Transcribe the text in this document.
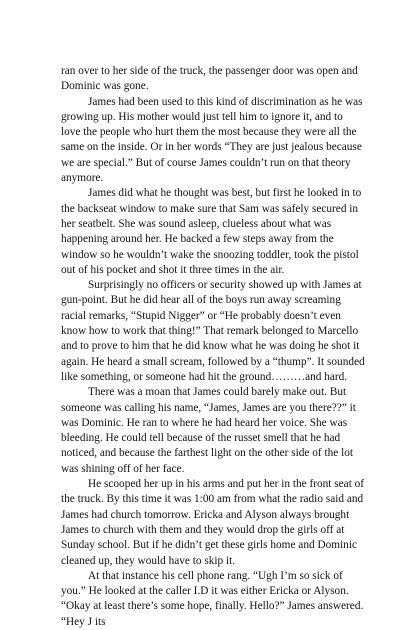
ran over to her side of the truck, the passenger door was open and Dominic was gone.

James had been used to this kind of discrimination as he was growing up. His mother would just tell him to ignore it, and to love the people who hurt them the most because they were all the same on the inside. Or in her words “They are just jealous because we are special.” But of course James couldn’t run on that theory anymore.

James did what he thought was best, but first he looked in to the backseat window to make sure that Sam was safely secured in her seatbelt. She was sound asleep, clueless about what was happening around her. He backed a few steps away from the window so he wouldn’t wake the snoozing toddler, took the pistol out of his pocket and shot it three times in the air.

Surprisingly no officers or security showed up with James at gun-point. But he did hear all of the boys run away screaming racial remarks, “Stupid Nigger” or “He probably doesn’t even know how to work that thing!” That remark belonged to Marcello and to prove to him that he did know what he was doing he shot it again. He heard a small scream, followed by a “thump”. It sounded like something, or someone had hit the ground………and hard.

There was a moan that James could barely make out. But someone was calling his name, “James, James are you there??” it was Dominic. He ran to where he had heard her voice. She was bleeding. He could tell because of the russet smell that he had noticed, and because the farthest light on the other side of the lot was shining off of her face.

He scooped her up in his arms and put her in the front seat of the truck. By this time it was 1:00 am from what the radio said and James had church tomorrow. Ericka and Alyson always brought James to church with them and they would drop the girls off at Sunday school. But if he didn’t get these girls home and Dominic cleaned up, they would have to skip it.

At that instance his cell phone rang. “Ugh I’m so sick of you.” He looked at the caller I.D it was either Ericka or Alyson. “Okay at least there’s some hope, finally. Hello?” James answered. “Hey J its
